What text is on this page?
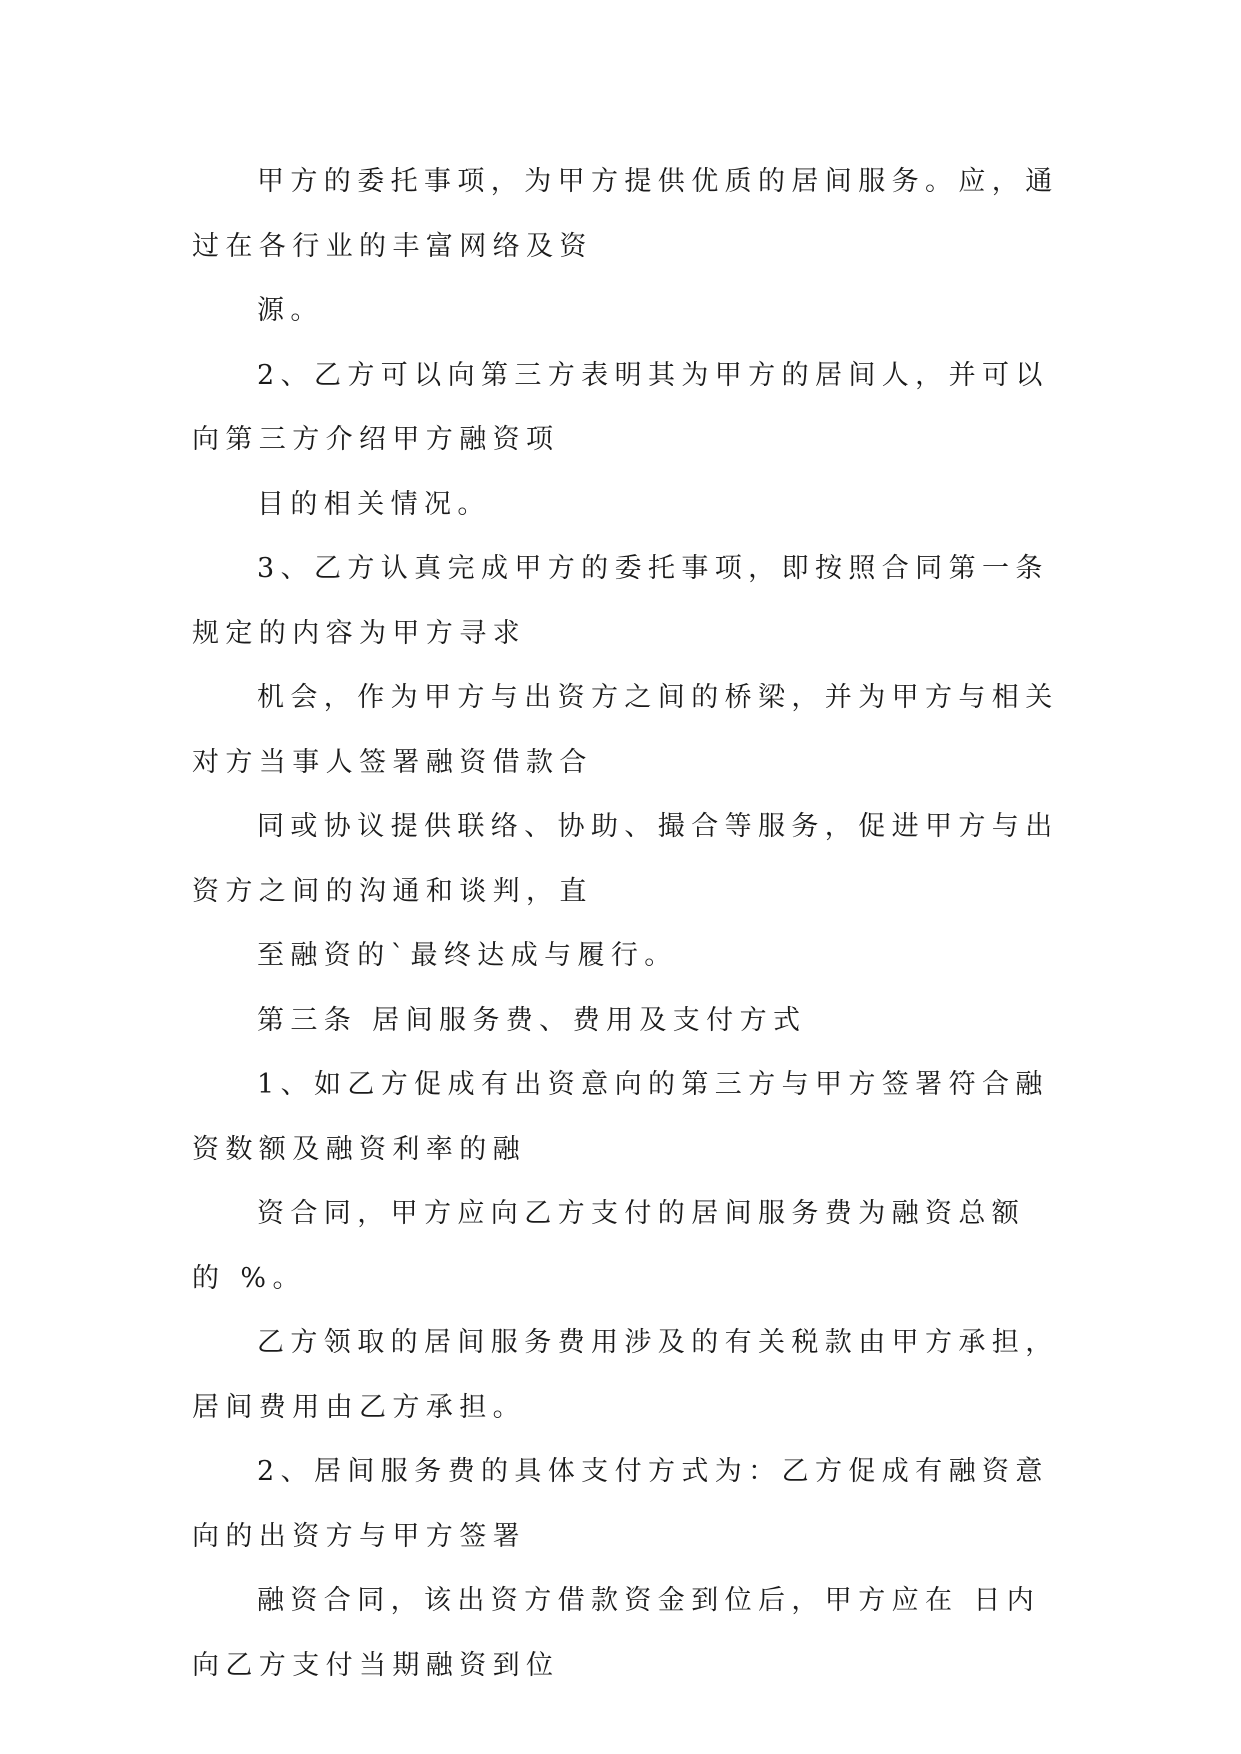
甲方的委托事项，为甲方提供优质的居间服务。应，通
过在各行业的丰富网络及资
源。
2、乙方可以向第三方表明其为甲方的居间人，并可以
向第三方介绍甲方融资项
目的相关情况。
3、乙方认真完成甲方的委托事项，即按照合同第一条
规定的内容为甲方寻求
机会，作为甲方与出资方之间的桥梁，并为甲方与相关
对方当事人签署融资借款合
同或协议提供联络、协助、撮合等服务，促进甲方与出
资方之间的沟通和谈判，直
至融资的`最终达成与履行。
第三条 居间服务费、费用及支付方式
1、如乙方促成有出资意向的第三方与甲方签署符合融
资数额及融资利率的融
资合同，甲方应向乙方支付的居间服务费为融资总额
的 %。
乙方领取的居间服务费用涉及的有关税款由甲方承担，
居间费用由乙方承担。
2、居间服务费的具体支付方式为：乙方促成有融资意
向的出资方与甲方签署
融资合同，该出资方借款资金到位后，甲方应在 日内
向乙方支付当期融资到位
